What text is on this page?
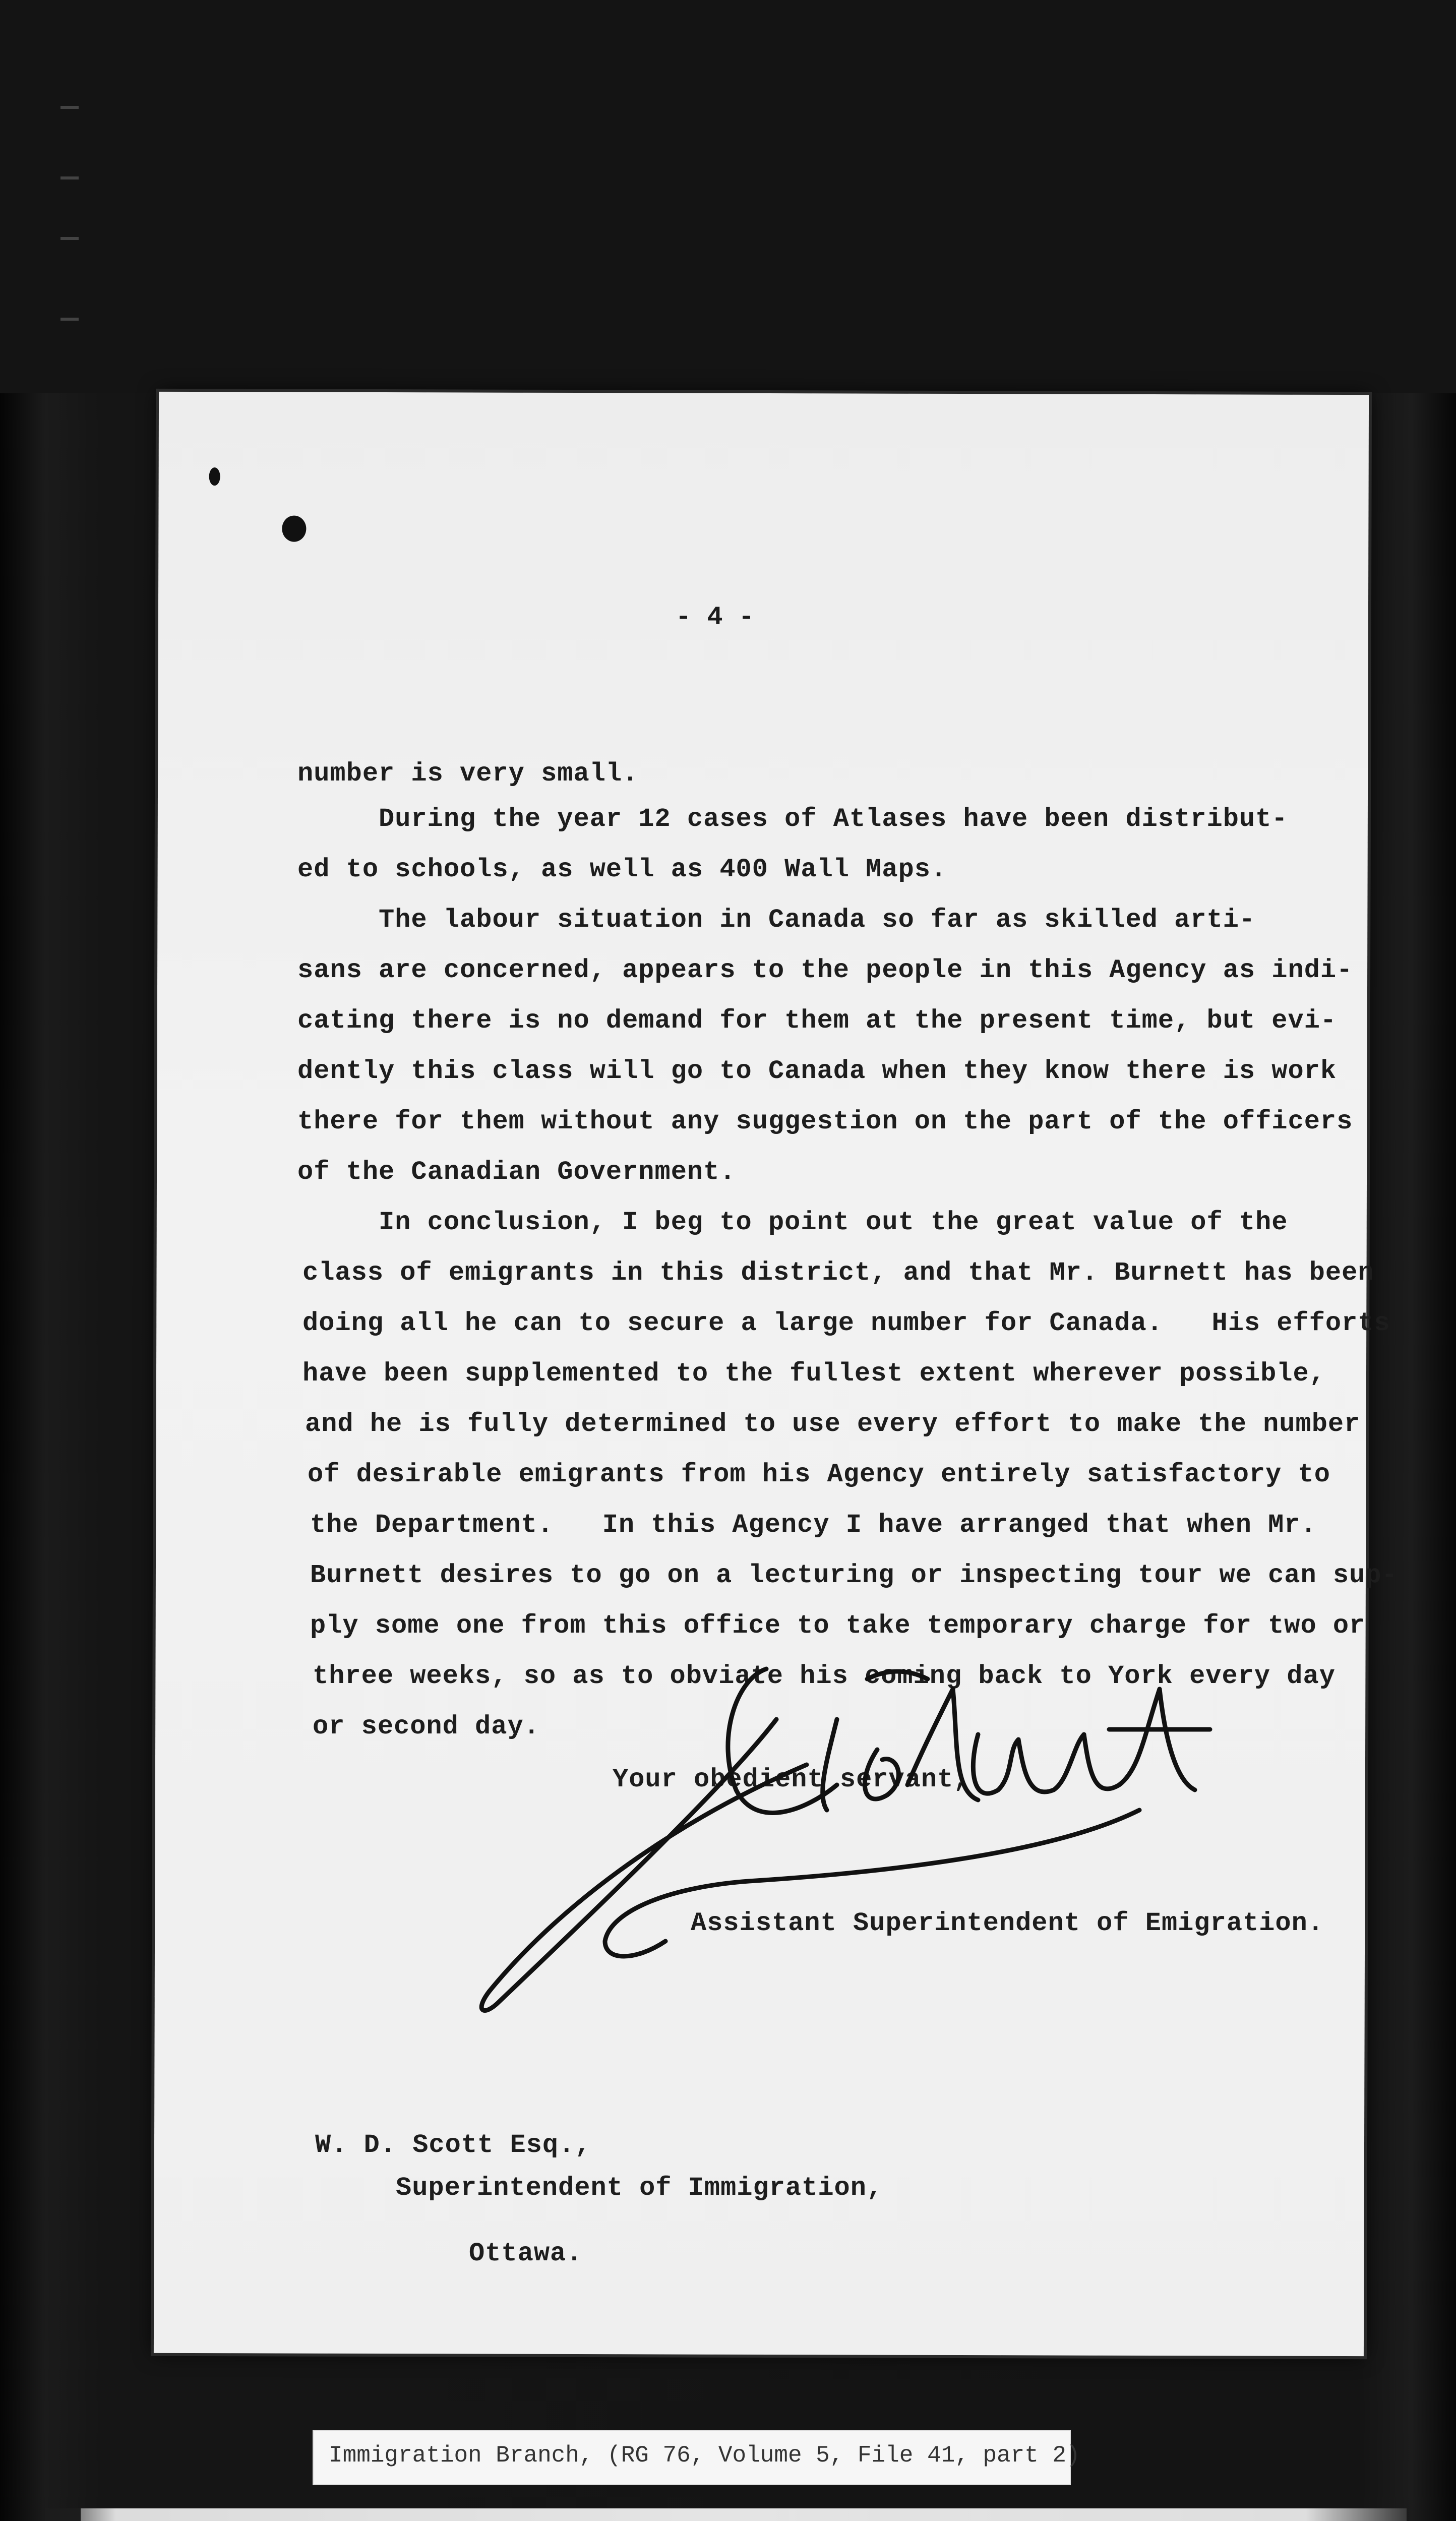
- 4 -
number is very small.
During the year 12 cases of Atlases have been distribut-
ed to schools, as well as 400 Wall Maps.
The labour situation in Canada so far as skilled arti-
sans are concerned, appears to the people in this Agency as indi-
cating there is no demand for them at the present time, but evi-
dently this class will go to Canada when they know there is work
there for them without any suggestion on the part of the officers
of the Canadian Government.
In conclusion, I beg to point out the great value of the
class of emigrants in this district, and that Mr. Burnett has been
doing all he can to secure a large number for Canada.   His efforts
have been supplemented to the fullest extent wherever possible,
and he is fully determined to use every effort to make the number
of desirable emigrants from his Agency entirely satisfactory to
the Department.   In this Agency I have arranged that when Mr.
Burnett desires to go on a lecturing or inspecting tour we can sup-
ply some one from this office to take temporary charge for two or
three weeks, so as to obviate his coming back to York every day
or second day.
Your obedient servant,
Assistant Superintendent of Emigration.
W. D. Scott Esq.,
Superintendent of Immigration,
Ottawa.
Immigration Branch, (RG 76, Volume 5, File 41, part 2)
